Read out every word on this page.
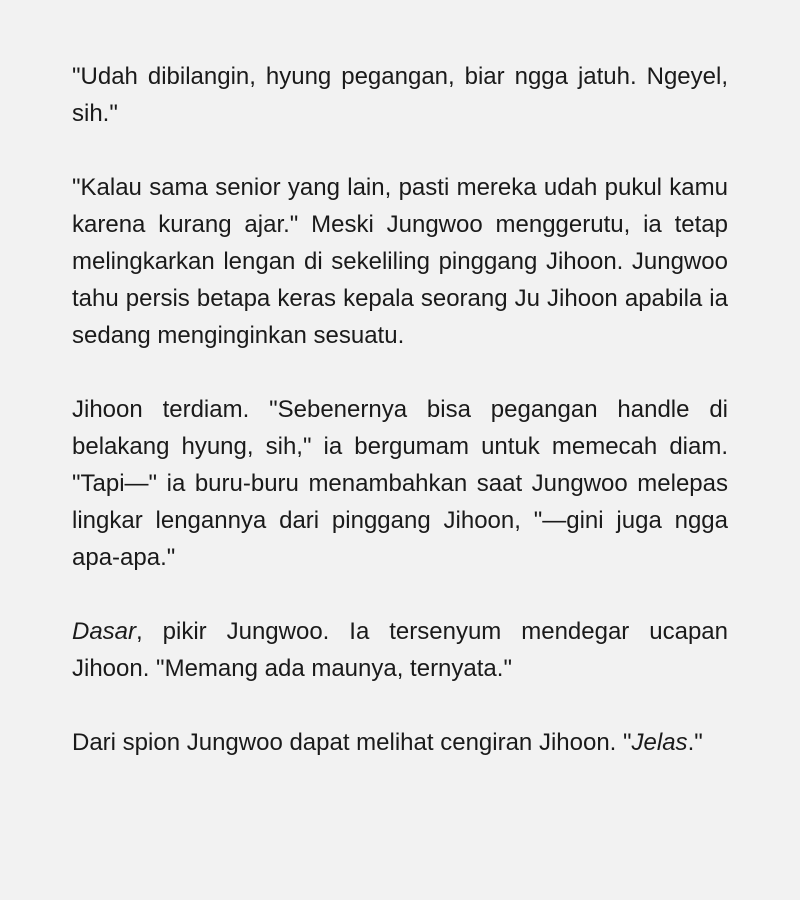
"Udah dibilangin, hyung pegangan, biar ngga jatuh. Ngeyel, sih."

"Kalau sama senior yang lain, pasti mereka udah pukul kamu karena kurang ajar." Meski Jungwoo menggerutu, ia tetap melingkarkan lengan di sekeliling pinggang Jihoon. Jungwoo tahu persis betapa keras kepala seorang Ju Jihoon apabila ia sedang menginginkan sesuatu.

Jihoon terdiam. "Sebenernya bisa pegangan handle di belakang hyung, sih," ia bergumam untuk memecah diam. "Tapi—" ia buru-buru menambahkan saat Jungwoo melepas lingkar lengannya dari pinggang Jihoon, "—gini juga ngga apa-apa."

Dasar, pikir Jungwoo. Ia tersenyum mendegar ucapan Jihoon. "Memang ada maunya, ternyata."

Dari spion Jungwoo dapat melihat cengiran Jihoon. "Jelas."
